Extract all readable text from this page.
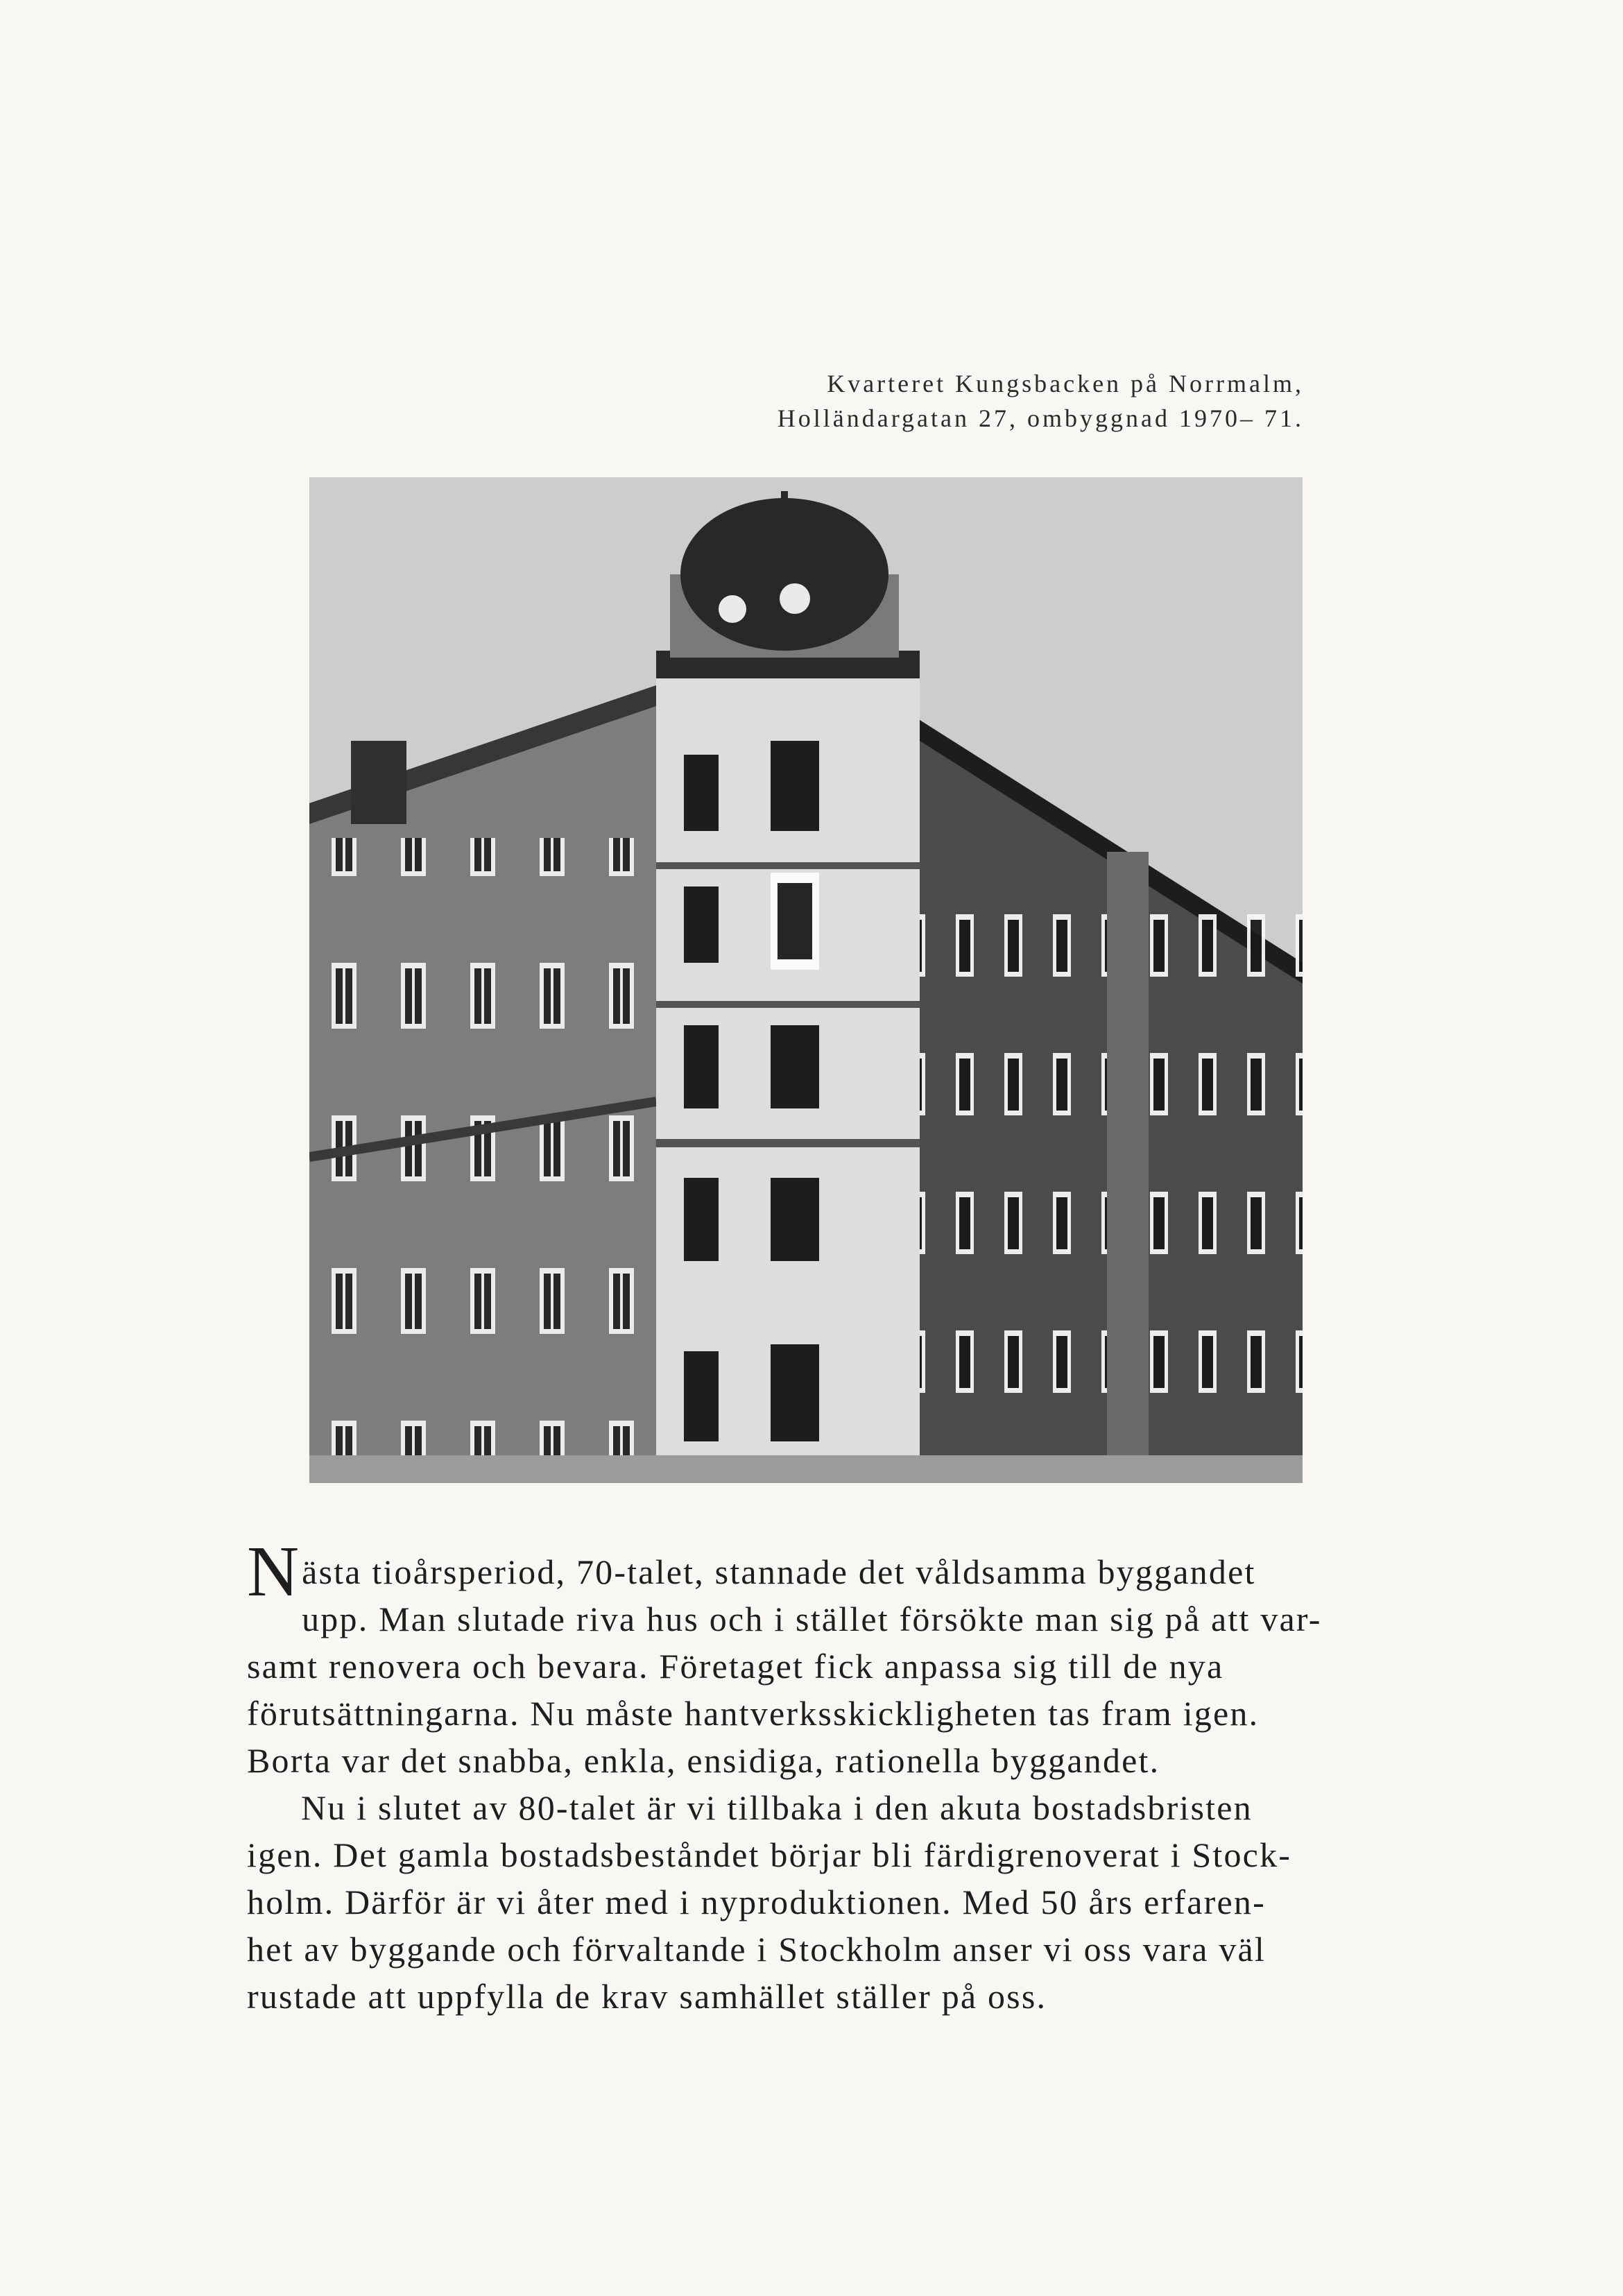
Kvarteret Kungsbacken på Norrmalm,
Holländargatan 27, ombyggnad 1970– 71.

N ästa tioårsperiod, 70-talet, stannade det våldsamma byggandet
upp. Man slutade riva hus och i stället försökte man sig på att var-
samt renovera och bevara. Företaget fick anpassa sig till de nya
förutsättningarna. Nu måste hantverksskickligheten tas fram igen.
Borta var det snabba, enkla, ensidiga, rationella byggandet.

Nu i slutet av 80-talet är vi tillbaka i den akuta bostadsbristen
igen. Det gamla bostadsbeståndet börjar bli färdigrenoverat i Stock-
holm. Därför är vi åter med i nyproduktionen. Med 50 års erfaren-
het av byggande och förvaltande i Stockholm anser vi oss vara väl
rustade att uppfylla de krav samhället ställer på oss.
